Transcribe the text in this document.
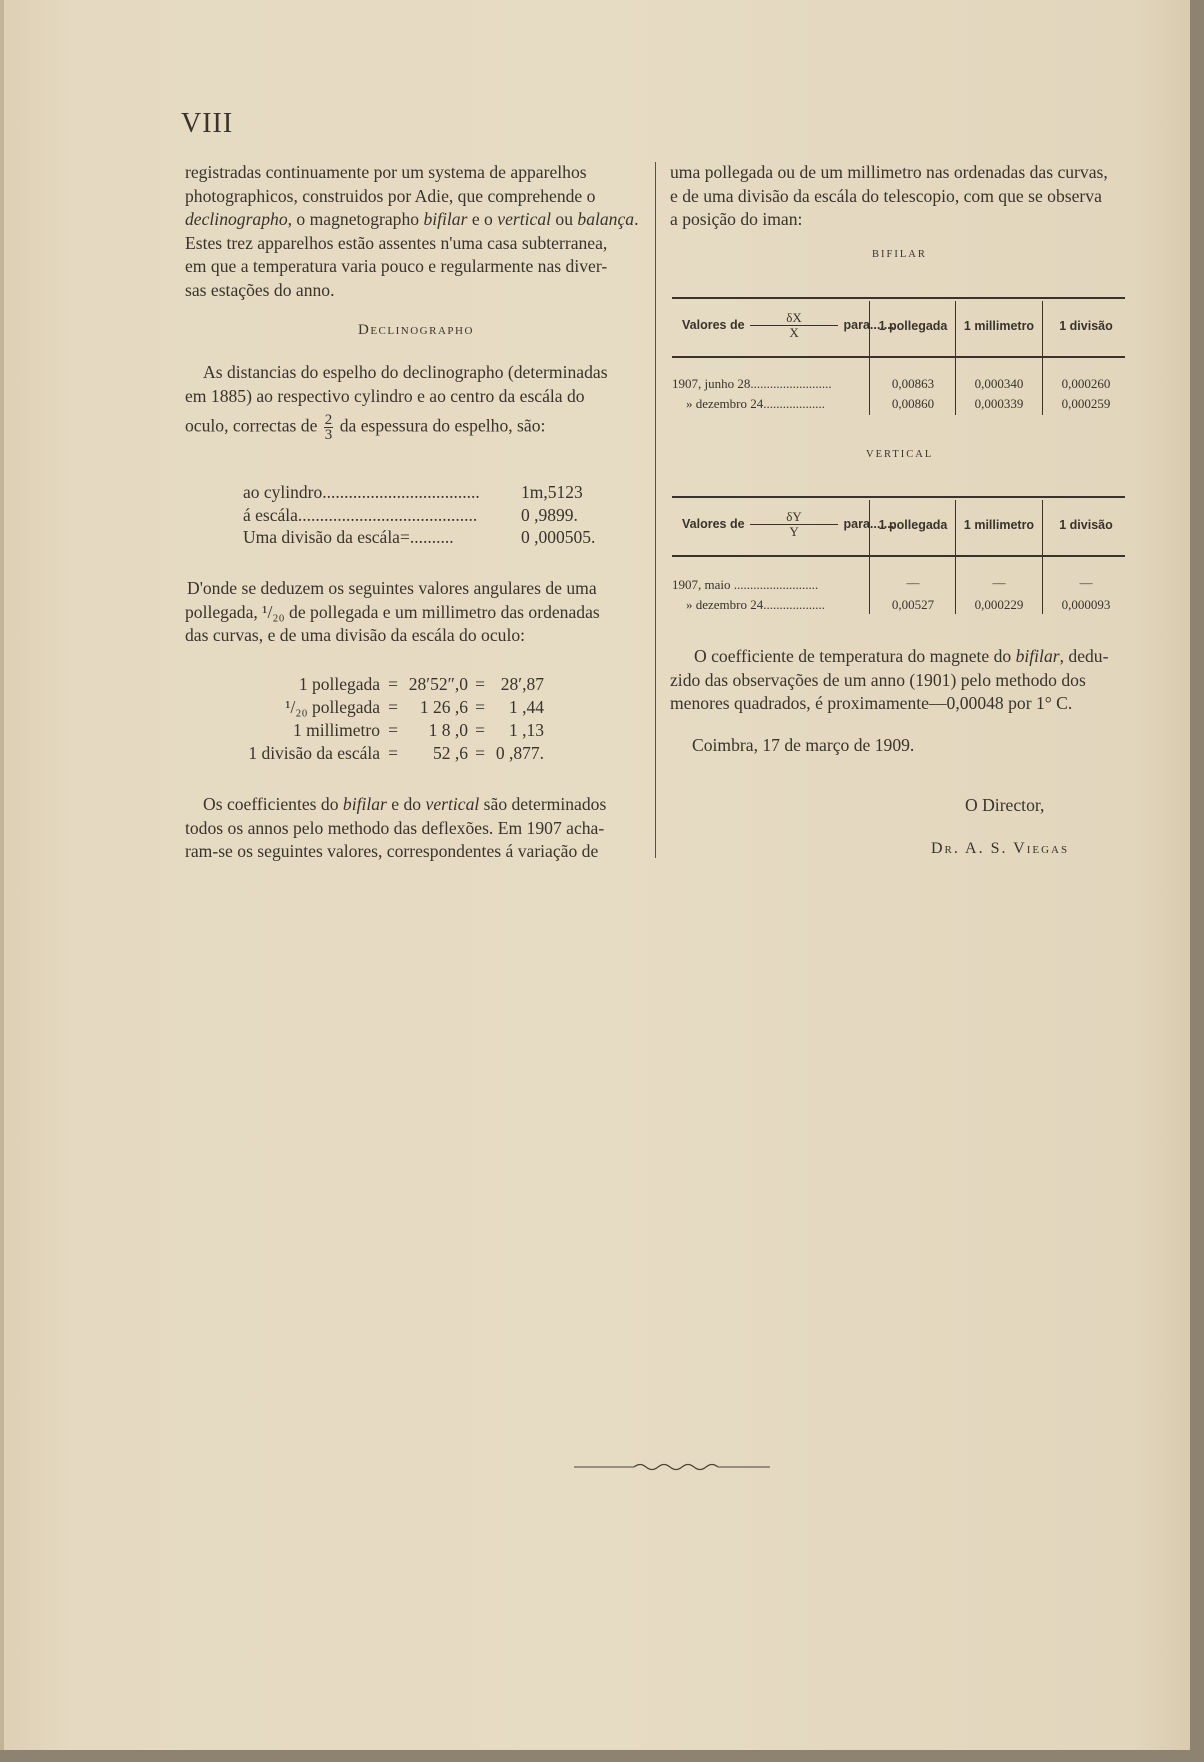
VIII

registradas continuamente por um systema de apparelhos

photographicos, construidos por Adie, que comprehende o

declinographo, o magnetographo bifilar e o vertical ou balança.

Estes trez apparelhos estão assentes n'uma casa subterranea,

em que a temperatura varia pouco e regularmente nas diver-

sas estações do anno.

Declinographo

As distancias do espelho do declinographo (determinadas

em 1885) ao respectivo cylindro e ao centro da escála do

oculo, correctas de $\frac{2}{3}$ da espessura do espelho, são:

ao cylindro....................................	1m,5123
á escála.........................................	0 ,9899.
Uma divisão da escála=..........	0 ,000505.

D'onde se deduzem os seguintes valores angulares de uma

pollegada, ¹/₂₀ de pollegada e um millimetro das ordenadas

das curvas, e de uma divisão da escála do oculo:

1 pollegada = 28′52″,0 = 28′,87
¹/₂₀ pollegada =	1 26 ,6 =	1 ,44
1 millimetro =	1 8 ,0 =	1 ,13
1 divisão da escála =	52 ,6 = 0 ,877.

Os coefficientes do bifilar e do vertical são determinados

todos os annos pelo methodo das deflexões. Em 1907 acha-

ram-se os seguintes valores, correspondentes á variação de

uma pollegada ou de um millimetro nas ordenadas das curvas,

e de uma divisão da escála do telescopio, com que se observa

a posição do iman:

BIFILAR
Valores de $\frac{\delta X}{X}$ para.......
1 pollegada	1 millimetro	1 divisão
1907, junho 28.........................	0,00863	0,000340	0,000260
» dezembro 24...................	0,00860	0,000339	0,000259
VERTICAL
Valores de $\frac{\delta Y}{Y}$ para.......
1 pollegada	1 millimetro	1 divisão
1907, maio ..........................	—	—	—
» dezembro 24...................	0,00527	0,000229	0,000093

O coefficiente de temperatura do magnete do bifilar, dedu-

zido das observações de um anno (1901) pelo methodo dos

menores quadrados, é proximamente—0,00048 por 1° C.

Coimbra, 17 de março de 1909.
O Director,
Dr. A. S. Viegas
